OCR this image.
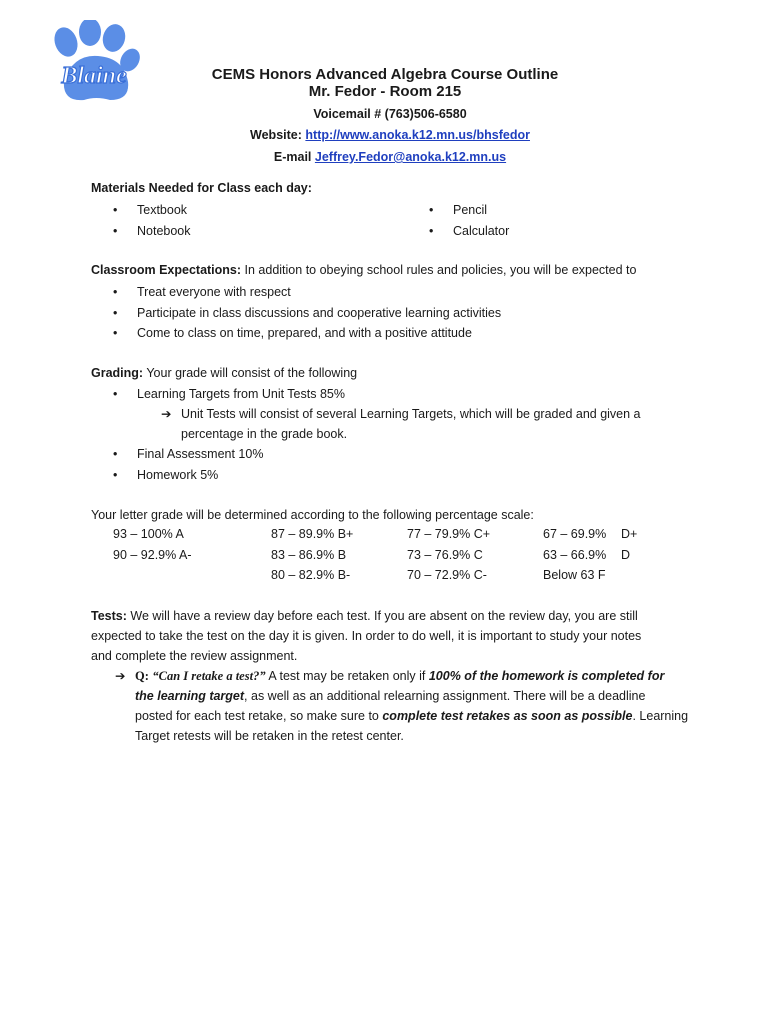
Blaine	CEMS Honors Advanced Algebra Course Outline

Mr. Fedor - Room 215

Voicemail # (763)506-6580
Website: http://www.anoka.k12.mn.us/bhsfedor
E-mail Jeffrey.Fedor@anoka.k12.mn.us
Materials Needed for Class each day:
• Textbook
• Notebook
• Pencil
• Calculator
Classroom Expectations: In addition to obeying school rules and policies, you will be expected to
• Treat everyone with respect
• Participate in class discussions and cooperative learning activities
• Come to class on time, prepared, and with a positive attitude
Grading: Your grade will consist of the following
• Learning Targets from Unit Tests 85%
➔ Unit Tests will consist of several Learning Targets, which will be graded and given a
percentage in the grade book.
• Final Assessment 10%
• Homework 5%
Your letter grade will be determined according to the following percentage scale:
93 – 100% A
90 – 92.9% A-
87 – 89.9% B+
83 – 86.9% B
80 – 82.9% B-
77 – 79.9% C+
73 – 76.9% C
70 – 72.9% C-
67 – 69.9%
63 – 66.9%
Below 63 F
D+
D
Tests: We will have a review day before each test. If you are absent on the review day, you are still
expected to take the test on the day it is given. In order to do well, it is important to study your notes
and complete the review assignment.
➔ Q: “Can I retake a test?” A test may be retaken only if 100% of the homework is completed for
the learning target, as well as an additional relearning assignment. There will be a deadline
posted for each test retake, so make sure to complete test retakes as soon as possible. Learning
Target retests will be retaken in the retest center.
